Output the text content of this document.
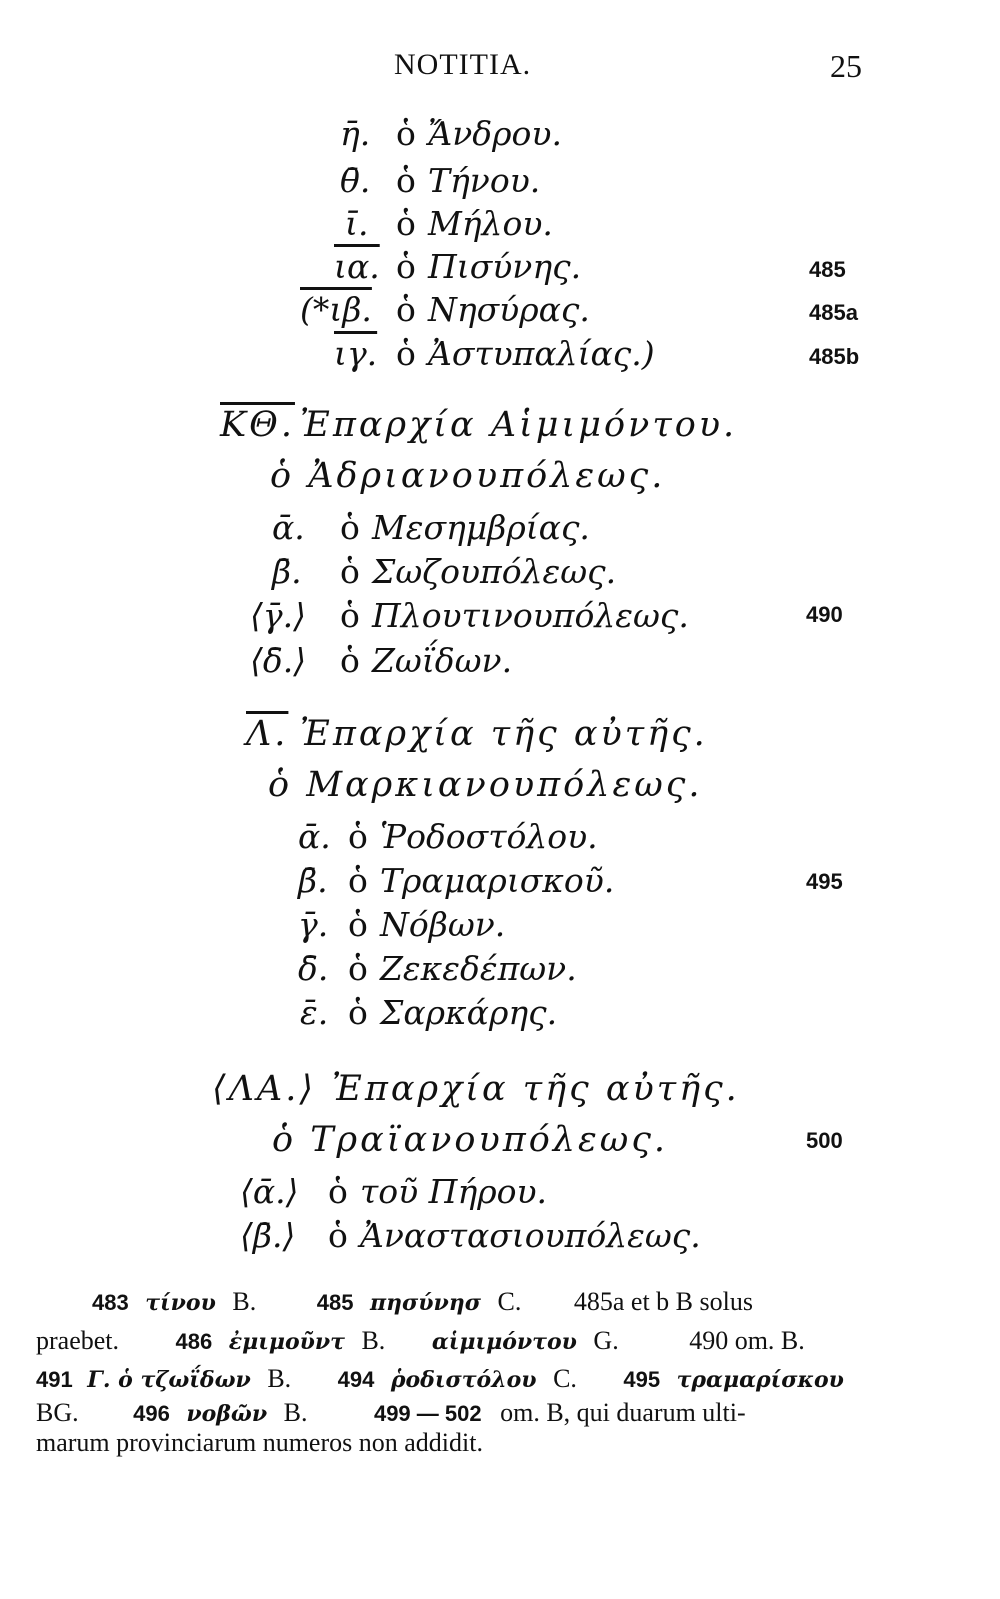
NOTITIA.	25
η̄. ὁ Ἄνδρου.
θ̄. ὁ Τήνου.
ῑ. ὁ Μήλου.
ια. ὁ Πισύνης.	485
(*ιβ. ὁ Νησύρας.	485a
ιγ. ὁ Ἀστυπαλίας.)	485b
ΚΘ. Ἐπαρχία Αἱμιμόντου.
ὁ Ἀδριανουπόλεως.
ᾱ. ὁ Μεσημβρίας.
β̄. ὁ Σωζουπόλεως.
⟨γ̄.⟩ ὁ Πλουτινουπόλεως.	490
⟨δ̄.⟩ ὁ Ζωΐδων.
Λ. Ἐπαρχία τῆς αὐτῆς.
ὁ Μαρκιανουπόλεως.
ᾱ. ὁ Ῥοδοστόλου.
β̄. ὁ Τραμαρισκοῦ.	495
γ̄. ὁ Νόβων.
δ̄. ὁ Ζεκεδέπων.
ε̄. ὁ Σαρκάρης.
⟨ΛΑ.⟩ Ἐπαρχία τῆς αὐτῆς.
ὁ Τραϊανουπόλεως.	500
⟨ᾱ.⟩ ὁ τοῦ Πήρου.
⟨β̄.⟩ ὁ Ἀναστασιουπόλεως.
483 τίνου B.	485 πησύνησ C. 485a et b B solus
praebet.	486 ἐμιμοῦντ B. αἱμιμόντου G.	490 om. B.
491 Γ. ὁ τζωΐδων B. 494 ῥοδιστόλου C. 495 τραμαρίσκου
BG. 496 νοβῶν B.	499 — 502 om. B, qui duarum ulti-
marum provinciarum numeros non addidit.
